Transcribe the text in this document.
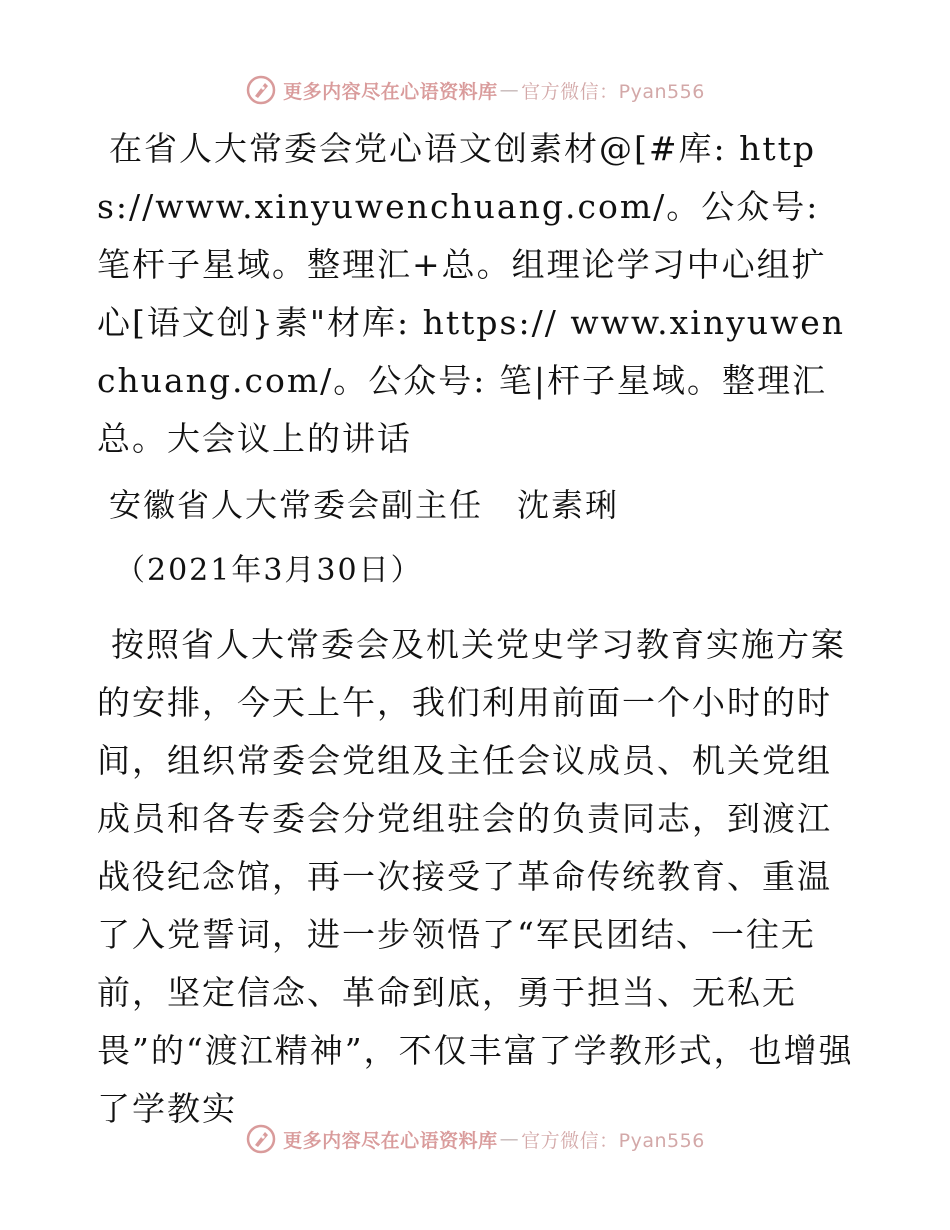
更多内容尽在心语资料库 — 官方微信：Pyan556

在省人大常委会党心语文创素材@[#库: https://www.xinyuwenchuang.com/。公众号: 笔杆子星域。整理汇+总。组理论学习中心组扩心[语文创}素"材库: https:// www.xinyuwenchuang.com/。公众号: 笔|杆子星域。整理汇总。大会议上的讲话

安徽省人大常委会副主任 沈素琍
（2021年3月30日）

按照省人大常委会及机关党史学习教育实施方案的安排，今天上午，我们利用前面一个小时的时间，组织常委会党组及主任会议成员、机关党组成员和各专委会分党组驻会的负责同志，到渡江战役纪念馆，再一次接受了革命传统教育、重温了入党誓词，进一步领悟了“军民团结、一往无前，坚定信念、革命到底，勇于担当、无私无畏”的“渡江精神”，不仅丰富了学教形式，也增强了学教实

更多内容尽在心语资料库 — 官方微信：Pyan556
